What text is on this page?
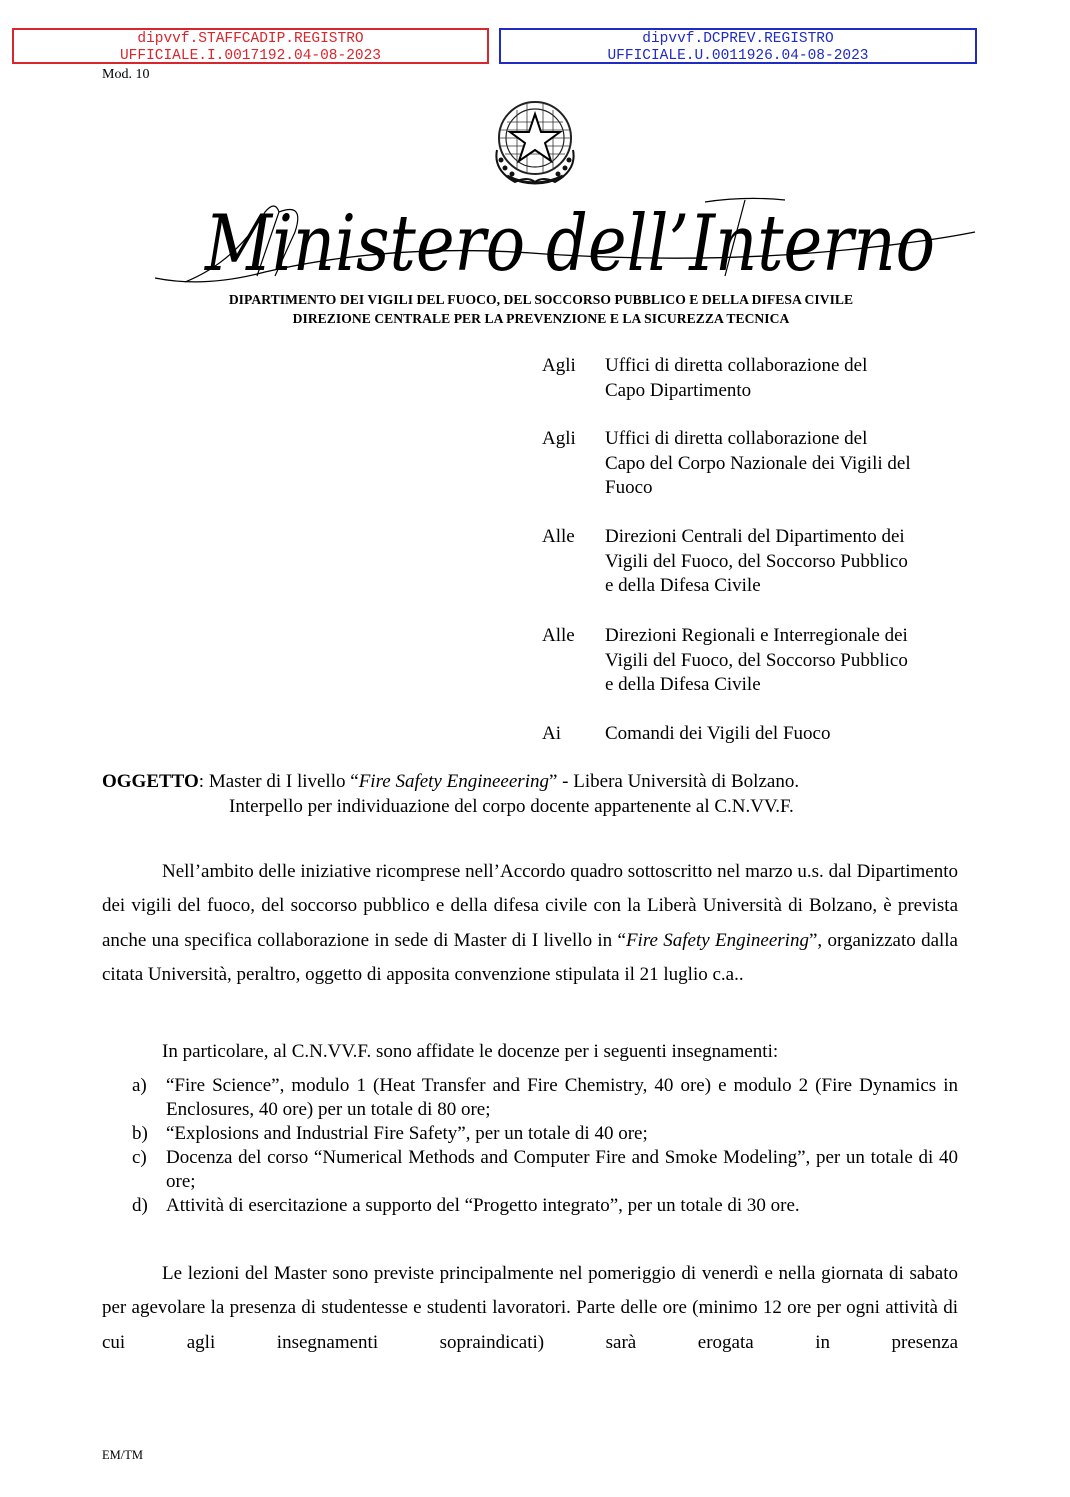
dipvvf.STAFFCADIP.REGISTRO
UFFICIALE.I.0017192.04-08-2023
dipvvf.DCPREV.REGISTRO
UFFICIALE.U.0011926.04-08-2023
Mod. 10
Ministero dell’Interno
DIPARTIMENTO DEI VIGILI DEL FUOCO, DEL SOCCORSO PUBBLICO E DELLA DIFESA CIVILE
DIREZIONE CENTRALE PER LA PREVENZIONE E LA SICUREZZA TECNICA
Agli	Uffici di diretta collaborazione del
Capo Dipartimento
Agli	Uffici di diretta collaborazione del
Capo del Corpo Nazionale dei Vigili del
Fuoco
Alle	Direzioni Centrali del Dipartimento dei
Vigili del Fuoco, del Soccorso Pubblico
e della Difesa Civile
Alle	Direzioni Regionali e Interregionale dei
Vigili del Fuoco, del Soccorso Pubblico
e della Difesa Civile
Ai	Comandi dei Vigili del Fuoco
OGGETTO: Master di I livello “Fire Safety Engineeering” - Libera Università di Bolzano.
Interpello per individuazione del corpo docente appartenente al C.N.VV.F.
Nell’ambito delle iniziative ricomprese nell’Accordo quadro sottoscritto nel marzo u.s. dal Dipartimento dei vigili del fuoco, del soccorso pubblico e della difesa civile con la Liberà Università di Bolzano, è prevista anche una specifica collaborazione in sede di Master di I livello in “Fire Safety Engineering”, organizzato dalla citata Università, peraltro, oggetto di apposita convenzione stipulata il 21 luglio c.a..
In particolare, al C.N.VV.F. sono affidate le docenze per i seguenti insegnamenti:
a) “Fire Science”, modulo 1 (Heat Transfer and Fire Chemistry, 40 ore) e modulo 2 (Fire Dynamics in Enclosures, 40 ore) per un totale di 80 ore;
b) “Explosions and Industrial Fire Safety”, per un totale di 40 ore;
c) Docenza del corso “Numerical Methods and Computer Fire and Smoke Modeling”, per un totale di 40 ore;
d) Attività di esercitazione a supporto del “Progetto integrato”, per un totale di 30 ore.
Le lezioni del Master sono previste principalmente nel pomeriggio di venerdì e nella giornata di sabato per agevolare la presenza di studentesse e studenti lavoratori. Parte delle ore (minimo 12 ore per ogni attività di cui agli insegnamenti sopraindicati) sarà erogata in presenza
EM/TM
